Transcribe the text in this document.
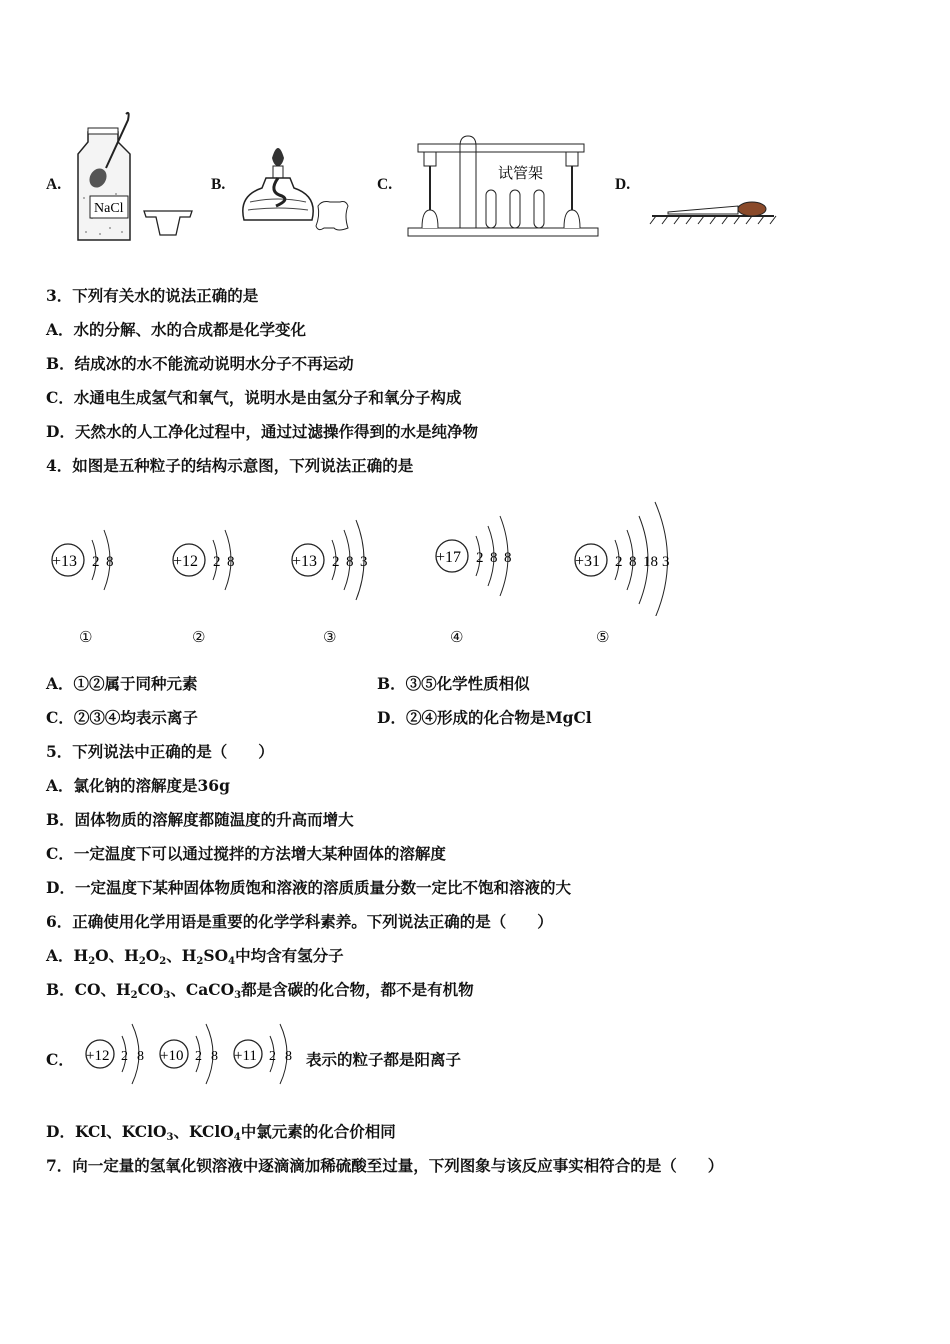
A.
NaCl
B.	C.
试管架
D.
3．下列有关水的说法正确的是
A．水的分解、水的合成都是化学变化
B．结成冰的水不能流动说明水分子不再运动
C．水通电生成氢气和氧气，说明水是由氢分子和氧分子构成
D．天然水的人工净化过程中，通过过滤操作得到的水是纯净物
4．如图是五种粒子的结构示意图，下列说法正确的是
+13 2 8	+12 2 8	+13 2 8 3	+17 2 8 8	+31 2 8 18 3
①	②	③	④	⑤
A．①②属于同种元素	B．③⑤化学性质相似
C．②③④均表示离子	D．②④形成的化合物是MgCl
5．下列说法中正确的是（　　）
A．氯化钠的溶解度是36g
B．固体物质的溶解度都随温度的升高而增大
C．一定温度下可以通过搅拌的方法增大某种固体的溶解度
D．一定温度下某种固体物质饱和溶液的溶质质量分数一定比不饱和溶液的大
6．正确使用化学用语是重要的化学学科素养。下列说法正确的是（　　）
A．$H_2O$、$H_2O_2$、$H_2SO_4$中均含有氢分子
B．CO、$H_2CO_3$、CaCO$_3$都是含碳的化合物，都不是有机物
C． +12 2 8 +10 2 8 +11 2 8 表示的粒子都是阳离子
D．KCl、KClO$_3$、KClO$_4$中氯元素的化合价相同
7．向一定量的氢氧化钡溶液中逐滴滴加稀硫酸至过量，下列图象与该反应事实相符合的是（　　）
